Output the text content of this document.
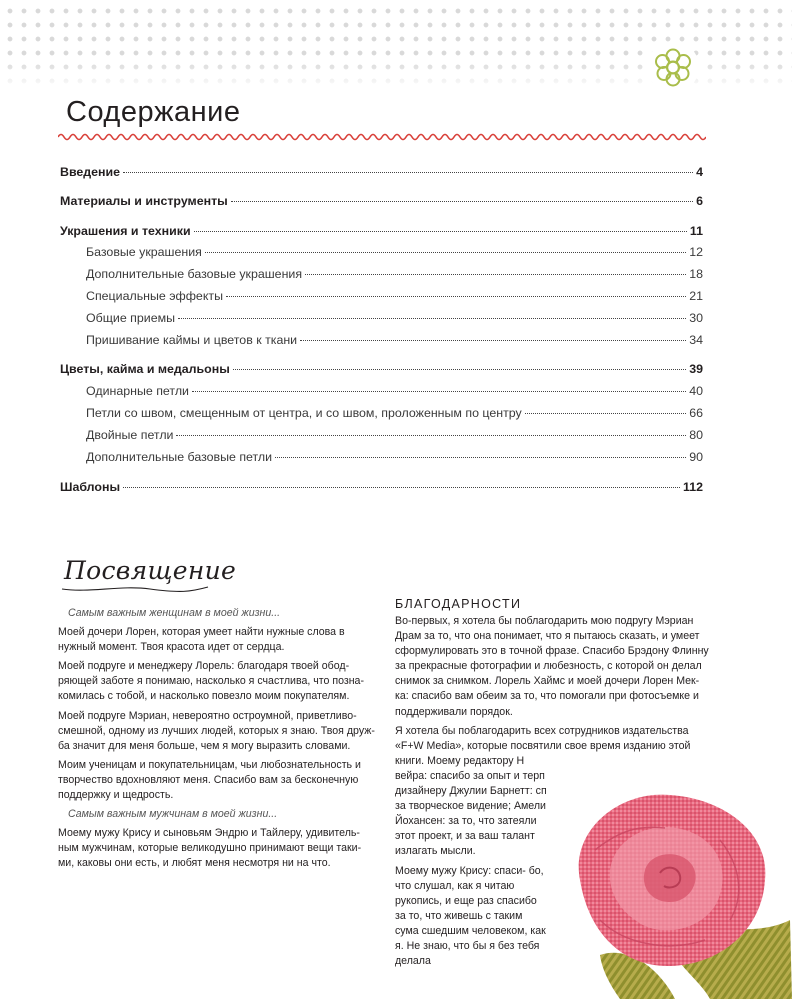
Содержание
Введение	4
Материалы и инструменты	6
Украшения и техники	11
Базовые украшения	12
Дополнительные базовые украшения	18
Специальные эффекты	21
Общие приемы	30
Пришивание каймы и цветов к ткани	34
Цветы, кайма и медальоны	39
Одинарные петли	40
Петли со швом, смещенным от центра, и со швом, проложенным по центру	66
Двойные петли	80
Дополнительные базовые петли	90
Шаблоны	112
Посвящение

Самым важным женщинам в моей жизни...

Моей дочери Лорен, которая умеет найти нужные слова в нужный момент. Твоя красота идет от сердца.

Моей подруге и менеджеру Лорель: благодаря твоей обод- ряющей заботе я понимаю, насколько я счастлива, что позна- комилась с тобой, и насколько повезло моим покупателям.

Моей подруге Мэриан, невероятно остроумной, приветливо- смешной, одному из лучших людей, которых я знаю. Твоя друж- ба значит для меня больше, чем я могу выразить словами.

Моим ученицам и покупательницам, чьи любознательность и творчество вдохновляют меня. Спасибо вам за бесконечную поддержку и щедрость.

Самым важным мужчинам в моей жизни...

Моему мужу Крису и сыновьям Эндрю и Тайлеру, удивитель- ным мужчинам, которые великодушно принимают вещи таки- ми, каковы они есть, и любят меня несмотря ни на что.

БЛАГОДАРНОСТИ

Во-первых, я хотела бы поблагодарить мою подругу Мэриан Драм за то, что она понимает, что я пытаюсь сказать, и умеет сформулировать это в точной фразе. Спасибо Брэдону Флинну за прекрасные фотографии и любезность, с которой он делал снимок за снимком. Лорель Хаймс и моей дочери Лорен Мек- ка: спасибо вам обеим за то, что помогали при фотосъемке и поддерживали порядок.

Я хотела бы поблагодарить всех сотрудников издательства «F+W Media», которые посвятили свое время изданию этой книги. Моему редактору Н

вейра: спасибо за опыт и терп
дизайнеру Джулии Барнетт: сп
за творческое видение; Амели
Йохансен: за то, что затеяли
этот проект, и за ваш талант
излагать мысли.

Моему мужу Крису: спаси- бо, что слушал, как я читаю рукопись, и еще раз спасибо за то, что живешь с таким сума сшедшим человеком, как я. Не знаю, что бы я без тебя делала
